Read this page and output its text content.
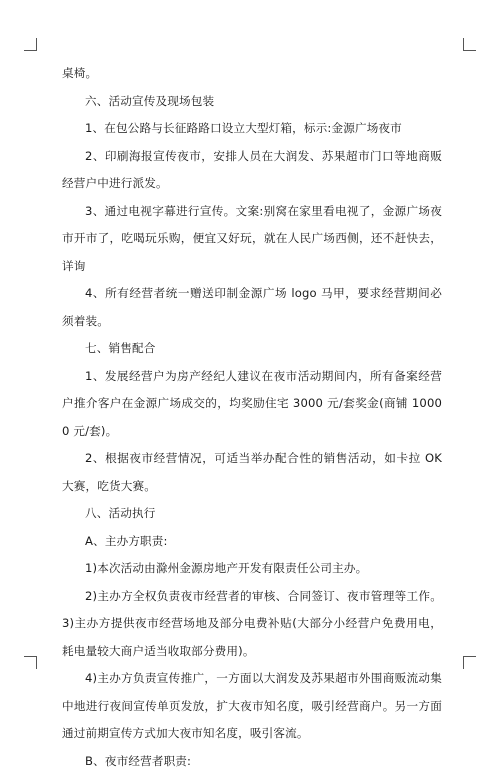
桌椅。

六、活动宣传及现场包装

1、在包公路与长征路路口设立大型灯箱，标示:金源广场夜市

2、印刷海报宣传夜市，安排人员在大润发、苏果超市门口等地商贩经营户中进行派发。

3、通过电视字幕进行宣传。文案:别窝在家里看电视了，金源广场夜市开市了，吃喝玩乐购，便宜又好玩，就在人民广场西侧，还不赶快去，详询

4、所有经营者统一赠送印制金源广场 logo 马甲，要求经营期间必须着装。

七、销售配合

1、发展经营户为房产经纪人建议在夜市活动期间内，所有备案经营户推介客户在金源广场成交的，均奖励住宅 3000 元/套奖金(商铺 10000 元/套)。

2、根据夜市经营情况，可适当举办配合性的销售活动，如卡拉 OK 大赛，吃货大赛。

八、活动执行

A、主办方职责:

1)本次活动由滁州金源房地产开发有限责任公司主办。

2)主办方全权负责夜市经营者的审核、合同签订、夜市管理等工作。3)主办方提供夜市经营场地及部分电费补贴(大部分小经营户免费用电，耗电量较大商户适当收取部分费用)。

4)主办方负责宣传推广，一方面以大润发及苏果超市外围商贩流动集中地进行夜间宣传单页发放，扩大夜市知名度，吸引经营商户。另一方面通过前期宣传方式加大夜市知名度，吸引客流。

B、夜市经营者职责:
